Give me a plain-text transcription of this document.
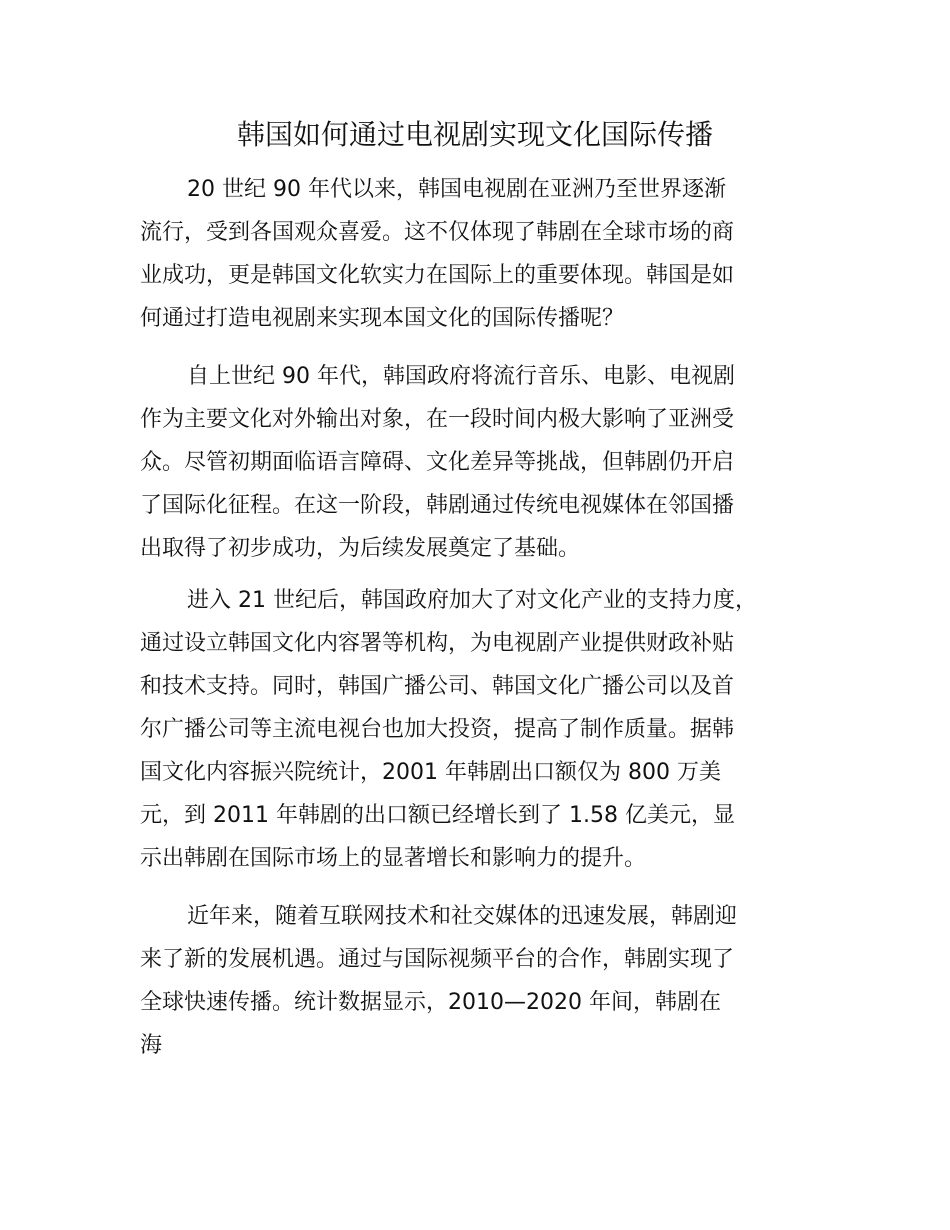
韩国如何通过电视剧实现文化国际传播
20 世纪 90 年代以来，韩国电视剧在亚洲乃至世界逐渐
流行，受到各国观众喜爱。这不仅体现了韩剧在全球市场的商
业成功，更是韩国文化软实力在国际上的重要体现。韩国是如
何通过打造电视剧来实现本国文化的国际传播呢？
自上世纪 90 年代，韩国政府将流行音乐、电影、电视剧
作为主要文化对外输出对象，在一段时间内极大影响了亚洲受
众。尽管初期面临语言障碍、文化差异等挑战，但韩剧仍开启
了国际化征程。在这一阶段，韩剧通过传统电视媒体在邻国播
出取得了初步成功，为后续发展奠定了基础。
进入 21 世纪后，韩国政府加大了对文化产业的支持力度，
通过设立韩国文化内容署等机构，为电视剧产业提供财政补贴
和技术支持。同时，韩国广播公司、韩国文化广播公司以及首
尔广播公司等主流电视台也加大投资，提高了制作质量。据韩
国文化内容振兴院统计，2001 年韩剧出口额仅为 800 万美
元，到 2011 年韩剧的出口额已经增长到了 1.58 亿美元，显
示出韩剧在国际市场上的显著增长和影响力的提升。
近年来，随着互联网技术和社交媒体的迅速发展，韩剧迎
来了新的发展机遇。通过与国际视频平台的合作，韩剧实现了
全球快速传播。统计数据显示，2010—2020 年间，韩剧在
海
